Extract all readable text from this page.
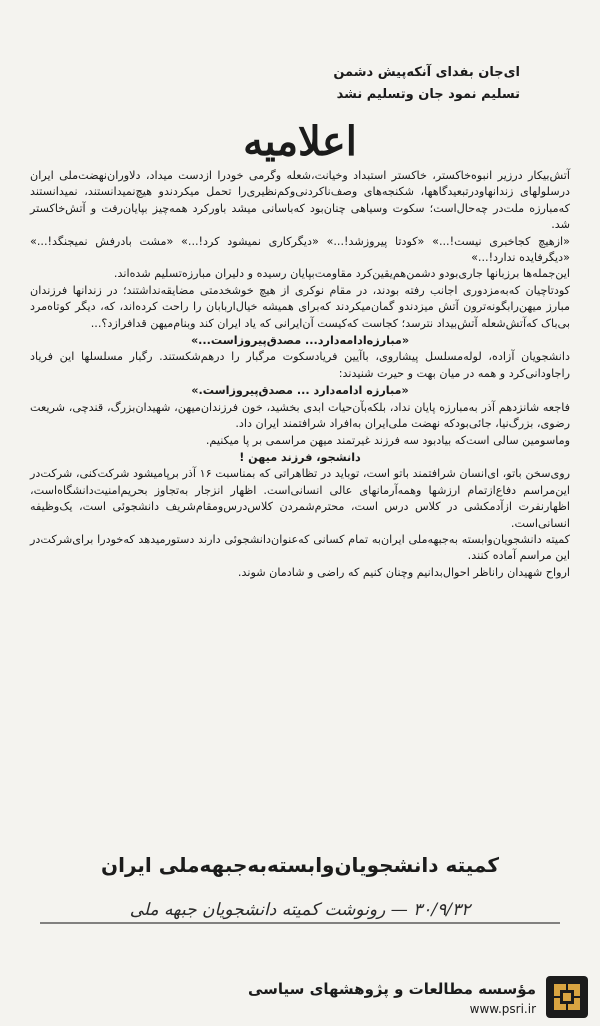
ای‌جان بفدای آنکه‌پیش دشمن
تسلیم نمود جان وتسلیم نشد
اعلامیه

آتش‌بیکار درزیر انبوه‌خاکستر، خاکستر استبداد وخیانت،شعله وگرمی خودرا ازدست میداد، دلاوران‌نهضت‌ملی ایران درسلولهای زندانهاودرتبعیدگاهها، شکنجه‌های وصف‌ناکردنی‌وکم‌نظیری‌را تحمل میکردندو هیچ‌نمیدانستند، نمیدانستند که‌مبارزه ملت‌در چه‌حال‌است؛ سکوت وسیاهی چنان‌بود که‌باسانی میشد باورکرد همه‌چیز بپایان‌رفت و آتش‌خاکستر شد.

«ازهیچ کجاخبری نیست!...» «کودتا پیروزشد!...» «دیگرکاری نمیشود کرد!...» «مشت بادرفش نمیجنگد!...» «دیگرفایده ندارد!...»

این‌جمله‌ها برزبانها جاری‌بودو دشمن‌هم‌یقین‌کرد مقاومت‌بپایان رسیده و دلیران مبارزه‌تسلیم شده‌اند.

کودتاچیان که‌به‌مزدوری اجانب رفته بودند، در مقام نوکری از هیچ خوشخدمتی مضایقه‌نداشتند؛ در زندانها فرزندان مبارز میهن‌رابگونه‌ترون آتش میزدندو گمان‌میکردند که‌برای همیشه خیال‌اربابان را راحت کرده‌اند، که، دیگر کوتاه‌مرد بی‌باک که‌آتش‌شعله آتش‌بیداد نترسد؛ کجاست که‌کیست آن‌ایرانی که یاد ایران کند وبنام‌میهن قدافرازد؟...

«مبارزه‌ادامه‌دارد... مصدق‌پیروزاست...»

دانشجویان آزاده، لوله‌مسلسل پیشاروی، باآیین فریادسکوت مرگبار را درهم‌شکستند. رگبار مسلسلها این فریاد راجاودانی‌کرد و همه در میان بهت و حیرت شنیدند:

«مبارزه ادامه‌دارد ... مصدق‌پیروزاست.»

فاجعه شانزدهم آذر به‌مبارزه پایان نداد، بلکه‌بآن‌حیات ابدی بخشید، خون فرزندان‌میهن، شهیدان‌بزرگ، قندچی، شریعت رضوی، بزرگ‌نیا، جائی‌بودکه نهضت ملی‌ایران به‌افراد شرافتمند ایران داد.

وما‌سومین سالی است‌که بیادبود سه فرزند غیرتمند میهن مراسمی بر پا میکنیم.

دانشجو، فرزند میهن !

روی‌سخن باتو، ای‌انسان شرافتمند باتو است، توباید در تظاهراتی که بمناسبت ۱۶ آذر برپامیشود شرکت‌کنی، شرکت‌در این‌مراسم دفاع‌ازتمام ارزشها وهمه‌آرمانهای عالی انسانی‌است. اظهار انزجار به‌تجاوز بحریم‌امنیت‌دانشگاه‌است، اظهارنفرت ازآدمکشی در کلاس درس است، محترم‌شمردن کلاس‌درس‌ومقام‌شریف دانشجوئی است، یک‌وظیفه انسانی‌است.

کمیته دانشجویان‌وابسته به‌جبهه‌ملی ایران‌به تمام کسانی که‌عنوان‌دانشجوئی دارند دستورمیدهد که‌خودرا برای‌شرکت‌در این مراسم آماده کنند.

ارواح شهیدان راناظر احوال‌بدانیم وچنان کنیم که راضی و شادمان شوند.

کمیته دانشجویان‌وابسته‌به‌جبهه‌ملی ایران
۳۰/۹/۳۲ — رونوشت کمیته دانشجویان جبهه ملی
مؤسسه مطالعات و پژوهشهای سیاسی
www.psri.ir
